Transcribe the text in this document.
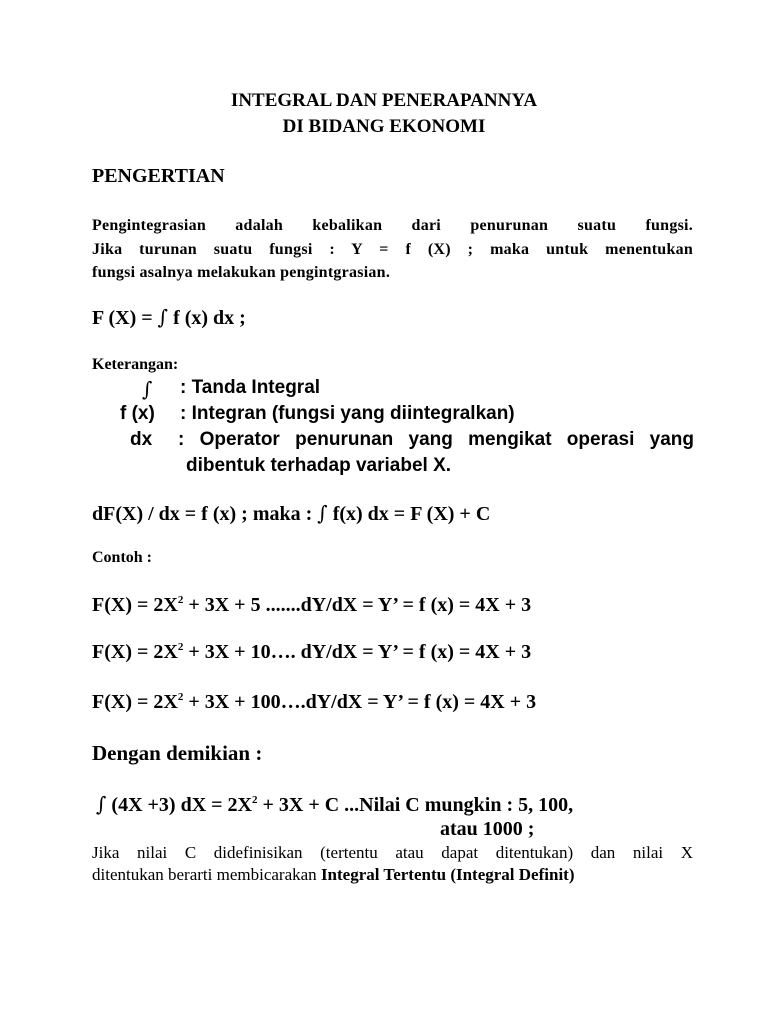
INTEGRAL DAN PENERAPANNYA
DI BIDANG EKONOMI
PENGERTIAN
Pengintegrasian adalah kebalikan dari penurunan suatu fungsi.
Jika turunan suatu fungsi : Y = f (X) ; maka untuk menentukan
fungsi asalnya melakukan pengintgrasian.
F (X) = ∫ f (x) dx ;
Keterangan:
∫ : Tanda Integral
f (x) : Integran (fungsi yang diintegralkan)
dx : Operator penurunan yang mengikat operasi yang
dibentuk terhadap variabel X.
dF(X) / dx = f (x) ; maka : ∫ f(x) dx = F (X) + C
Contoh :
$F(X) = 2X^2 + 3X + 5$ .......dY/dX = Y’ = f (x) = 4X + 3
$F(X) = 2X^2 + 3X$ + 10…. dY/dX = Y’ = f (x) = 4X + 3
$F(X) = 2X^2 + 3X$ + 100….dY/dX = Y’ = f (x) = 4X + 3
Dengan demikian :
∫ (4X +3) dX = $2X^2 + 3X + C$ ...Nilai C mungkin : 5, 100,
atau 1000 ;
Jika nilai C didefinisikan (tertentu atau dapat ditentukan) dan nilai X
ditentukan berarti membicarakan Integral Tertentu (Integral Definit)
